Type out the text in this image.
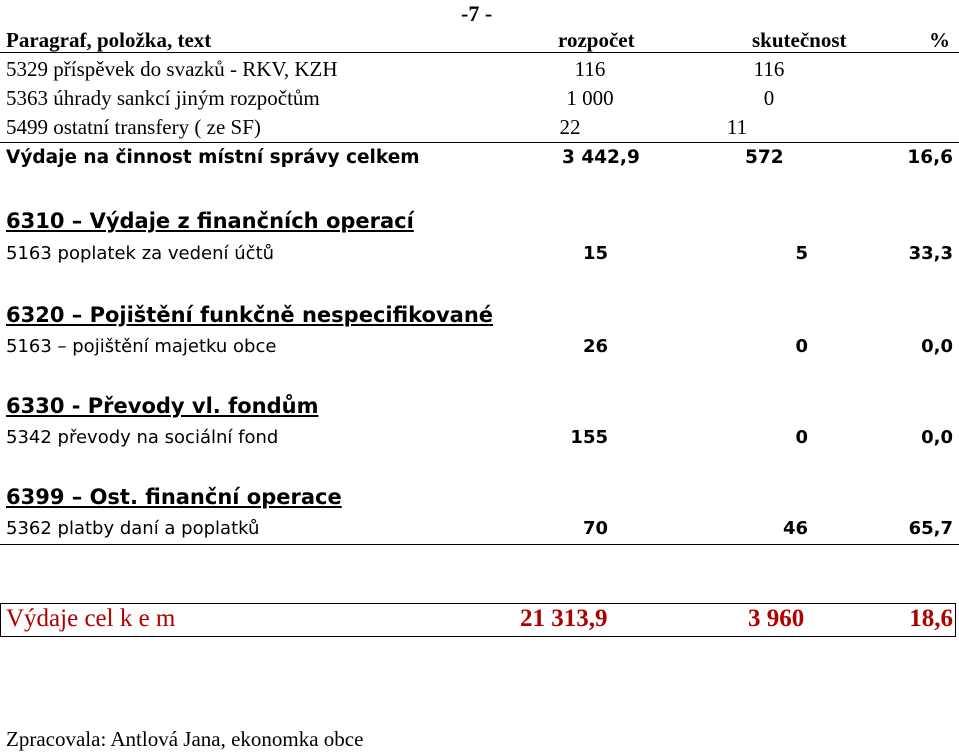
-7 -
Paragraf, položka, text	rozpočet	skutečnost	%
5329 příspěvek do svazků - RKV, KZH	116	116
5363 úhrady sankcí jiným rozpočtům	1 000	0
5499 ostatní transfery ( ze SF)	22	11
Výdaje na činnost místní správy celkem	3 442,9	572	16,6
6310 – Výdaje z finančních operací
5163 poplatek za vedení účtů	15	5	33,3
6320 – Pojištění funkčně nespecifikované
5163 – pojištění majetku obce	26	0	0,0
6330 - Převody vl. fondům
5342 převody na sociální fond	155	0	0,0
6399 – Ost. finanční operace
5362 platby daní a poplatků	70	46	65,7
Výdaje cel k e m	21 313,9	3 960	18,6
Zpracovala: Antlová Jana, ekonomka obce
